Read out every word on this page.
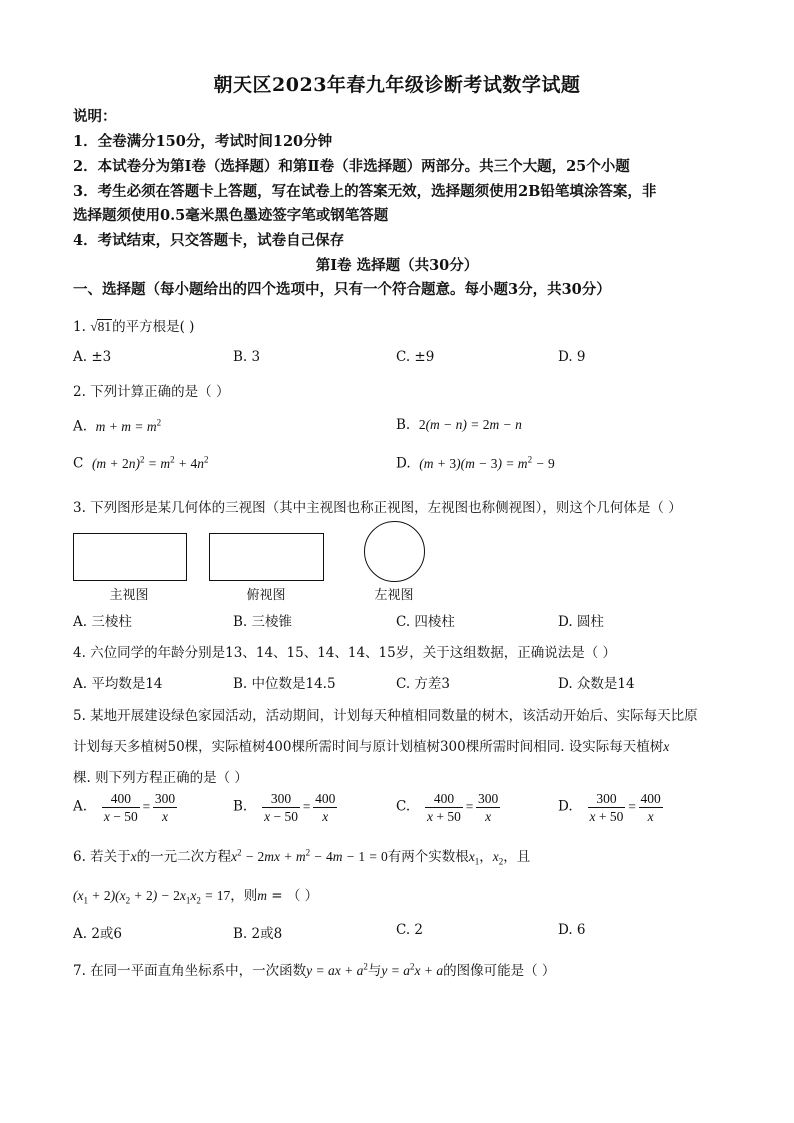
朝天区2023年春九年级诊断考试数学试题
说明：
1．全卷满分150分，考试时间120分钟
2．本试卷分为第Ⅰ卷（选择题）和第Ⅱ卷（非选择题）两部分。共三个大题，25个小题
3．考生必须在答题卡上答题，写在试卷上的答案无效，选择题须使用2B铅笔填涂答案，非
选择题须使用0.5毫米黑色墨迹签字笔或钢笔答题
4．考试结束，只交答题卡，试卷自己保存
第Ⅰ卷 选择题（共30分）
一、选择题（每小题给出的四个选项中，只有一个符合题意。每小题3分，共30分）
1. √81的平方根是( )
A. ±3	B. 3	C. ±9	D. 9
2. 下列计算正确的是（ ）
A. $m + m = m^2$	B. 2(m − n) = 2m − n
C $(m + 2n)^2 = m^2 + 4n^2$	D. $(m + 3)(m - 3) = m^2 - 9$
3. 下列图形是某几何体的三视图（其中主视图也称正视图，左视图也称侧视图），则这个几何体是（ ）
主视图	俯视图	左视图
A. 三棱柱	B. 三棱锥	C. 四棱柱	D. 圆柱
4. 六位同学的年龄分别是13、14、15、14、14、15岁，关于这组数据，正确说法是（ ）
A. 平均数是14	B. 中位数是14.5	C. 方差3	D. 众数是14
5. 某地开展建设绿色家园活动，活动期间，计划每天种植相同数量的树木，该活动开始后、实际每天比原
计划每天多植树50棵，实际植树400棵所需时间与原计划植树300棵所需时间相同. 设实际每天植树x
棵. 则下列方程正确的是（ ）
A. $\frac{400}{x - 50} = \frac{300}{x}$	B. $\frac{300}{x - 50} = \frac{400}{x}$	C. $\frac{400}{x + 50} = \frac{300}{x}$	D. $\frac{300}{x + 50} = \frac{400}{x}$
6. 若关于x的一元二次方程$x^2 - 2mx + m^2 - 4m - 1 = 0$有两个实数根$x_1$，$x_2$，且
$(x_1 + 2)(x_2 + 2) - 2x_1x_2 = 17$，则m = （ ）
A. 2或6	B. 2或8	C. 2	D. 6
7. 在同一平面直角坐标系中，一次函数y = ax + $a^2$与$y = a^2x + a$的图像可能是（ ）
